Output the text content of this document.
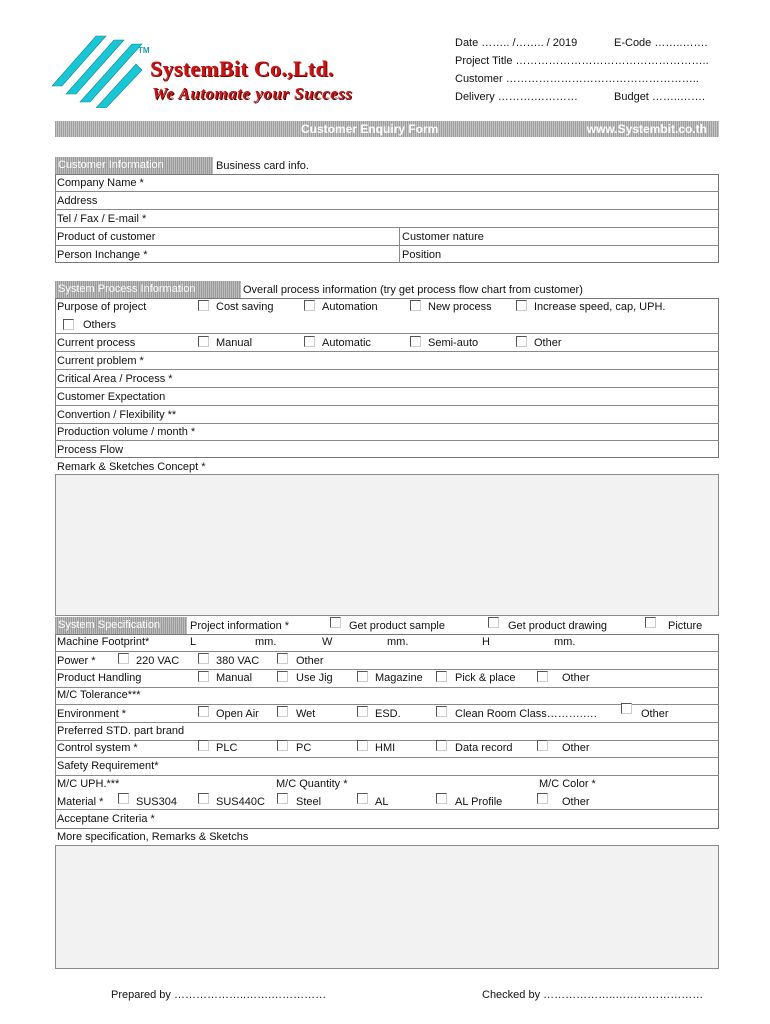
TM
SystemBit Co.,Ltd.
We Automate your Success
Date …….. /…….. / 2019	E-Code ……..…….
Project Title ……………………………………………..
Customer ……………………………………………..
Delivery ……….…………	Budget ……..…….
Customer Enquiry Form	www.Systembit.co.th
Customer Information	Business card info.
Company Name *
Address
Tel / Fax / E-mail *
Product of customer	Customer nature
Person Inchange *	Position
System Process Information	Overall process information (try get process flow chart from customer)
Purpose of project	Cost saving	Automation	New process	Increase speed, cap, UPH.
Others
Current process	Manual	Automatic	Semi-auto	Other
Current problem *
Critical Area / Process *
Customer Expectation
Convertion / Flexibility **
Production volume / month *
Process Flow
Remark & Sketches Concept *
System Specification	Project information *	Get product sample	Get product drawing	Picture
Machine Footprint*	L	mm.	W	mm.	H	mm.
Power *	220 VAC	380 VAC	Other
Product Handling	Manual	Use Jig	Magazine	Pick & place	Other
M/C Tolerance***
Environment *	Open Air	Wet	ESD.	Clean Room Class……….….	Other
Preferred STD. part brand
Control system *	PLC	PC	HMI	Data record	Other
Safety Requirement*
M/C UPH.***	M/C Quantity *	M/C Color *
Material *	SUS304	SUS440C	Steel	AL	AL Profile	Other
Acceptane Criteria *
More specification, Remarks & Sketchs
Prepared by ………………..…….……………	Checked by ………………..……………………
